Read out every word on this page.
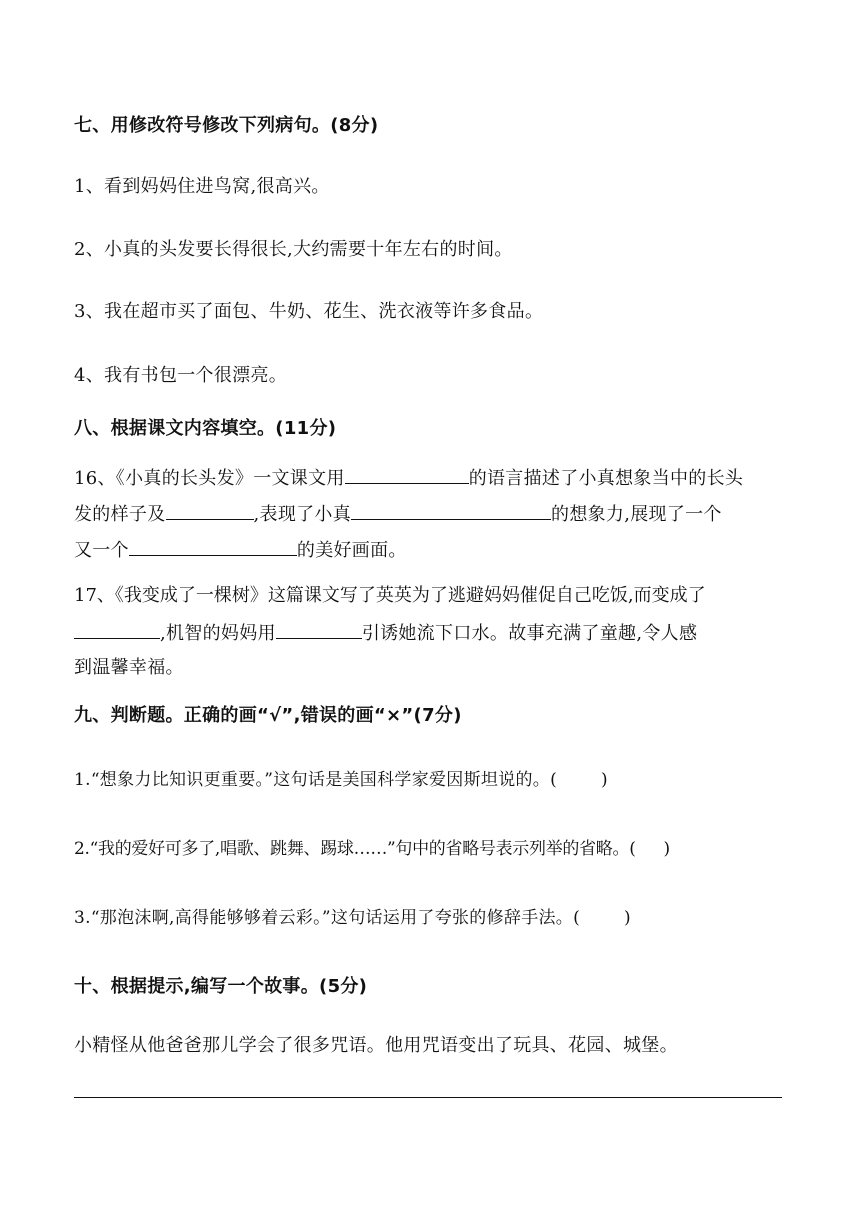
七、用修改符号修改下列病句。(8分)
1、看到妈妈住进鸟窝,很高兴。
2、小真的头发要长得很长,大约需要十年左右的时间。
3、我在超市买了面包、牛奶、花生、洗衣液等许多食品。
4、我有书包一个很漂亮。
八、根据课文内容填空。(11分)
16、《小真的长头发》一文课文用	的语言描述了小真想象当中的长头
发的样子及	,表现了小真	的想象力,展现了一个
又一个	的美好画面。
17、《我变成了一棵树》这篇课文写了英英为了逃避妈妈催促自己吃饭,而变成了
,机智的妈妈用	引诱她流下口水。故事充满了童趣,令人感
到温馨幸福。
九、判断题。正确的画“√”,错误的画“×”(7分)
1.“想象力比知识更重要。”这句话是美国科学家爱因斯坦说的。(	)
2.“我的爱好可多了,唱歌、跳舞、踢球……”句中的省略号表示列举的省略。( )
3.“那泡沫啊,高得能够够着云彩。”这句话运用了夸张的修辞手法。(	)
十、根据提示,编写一个故事。(5分)
小精怪从他爸爸那儿学会了很多咒语。他用咒语变出了玩具、花园、城堡。
